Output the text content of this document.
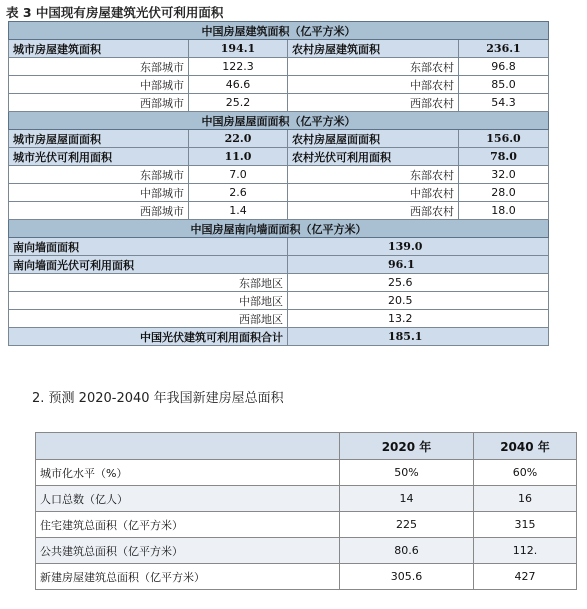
表 3 中国现有房屋建筑光伏可利用面积
中国房屋建筑面积（亿平方米）			
城市房屋建筑面积	194.1	农村房屋建筑面积	236.1
东部城市	122.3	东部农村	96.8
中部城市	46.6	中部农村	85.0
西部城市	25.2	西部农村	54.3
中国房屋屋面面积（亿平方米）			
城市房屋屋面面积	22.0	农村房屋屋面面积	156.0
城市光伏可利用面积	11.0	农村光伏可利用面积	78.0
东部城市	7.0	东部农村	32.0
中部城市	2.6	中部农村	28.0
西部城市	1.4	西部农村	18.0
中国房屋南向墙面面积（亿平方米）			
南向墙面面积		139.0	
南向墙面光伏可利用面积		96.1	
东部地区		25.6	
中部地区		20.5	
西部地区		13.2	
中国光伏建筑可利用面积合计		185.1	
2. 预测 2020-2040 年我国新建房屋总面积
	2020 年	2040 年
城市化水平（%）	50%	60%
人口总数（亿人）	14	16
住宅建筑总面积（亿平方米）	225	315
公共建筑总面积（亿平方米）	80.6	112.
新建房屋建筑总面积（亿平方米）	305.6	427
